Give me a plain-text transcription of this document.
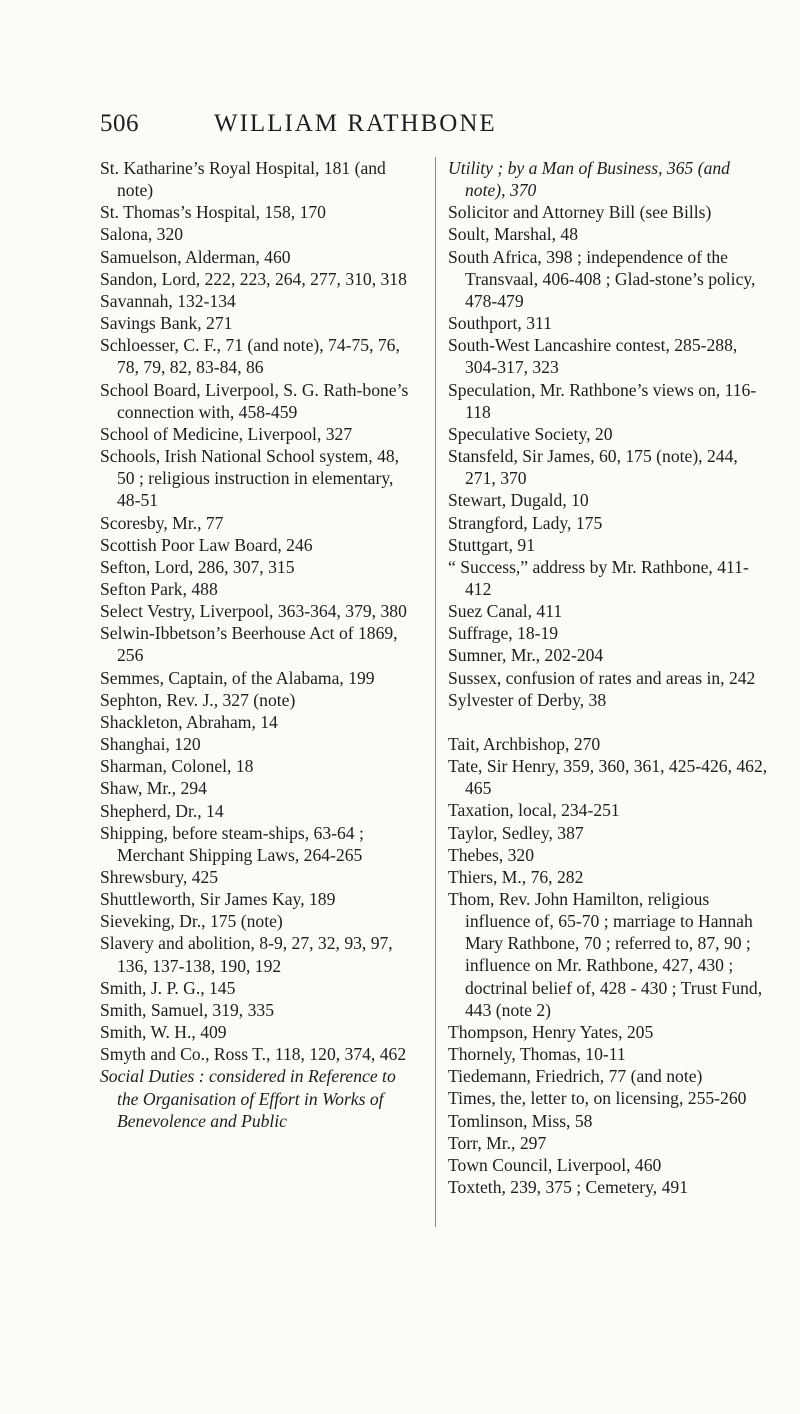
506	WILLIAM RATHBONE
St. Katharine’s Royal Hospital, 181 (and note)
St. Thomas’s Hospital, 158, 170
Salona, 320
Samuelson, Alderman, 460
Sandon, Lord, 222, 223, 264, 277, 310, 318
Savannah, 132-134
Savings Bank, 271
Schloesser, C. F., 71 (and note), 74-75, 76, 78, 79, 82, 83-84, 86
School Board, Liverpool, S. G. Rath-bone’s connection with, 458-459
School of Medicine, Liverpool, 327
Schools, Irish National School system, 48, 50 ; religious instruction in elementary, 48-51
Scoresby, Mr., 77
Scottish Poor Law Board, 246
Sefton, Lord, 286, 307, 315
Sefton Park, 488
Select Vestry, Liverpool, 363-364, 379, 380
Selwin-Ibbetson’s Beerhouse Act of 1869, 256
Semmes, Captain, of the Alabama, 199
Sephton, Rev. J., 327 (note)
Shackleton, Abraham, 14
Shanghai, 120
Sharman, Colonel, 18
Shaw, Mr., 294
Shepherd, Dr., 14
Shipping, before steam-ships, 63-64 ; Merchant Shipping Laws, 264-265
Shrewsbury, 425
Shuttleworth, Sir James Kay, 189
Sieveking, Dr., 175 (note)
Slavery and abolition, 8-9, 27, 32, 93, 97, 136, 137-138, 190, 192
Smith, J. P. G., 145
Smith, Samuel, 319, 335
Smith, W. H., 409
Smyth and Co., Ross T., 118, 120, 374, 462
Social Duties : considered in Reference to the Organisation of Effort in Works of Benevolence and Public
Utility ; by a Man of Business, 365 (and note), 370
Solicitor and Attorney Bill (see Bills)
Soult, Marshal, 48
South Africa, 398 ; independence of the Transvaal, 406-408 ; Glad-stone’s policy, 478-479
Southport, 311
South-West Lancashire contest, 285-288, 304-317, 323
Speculation, Mr. Rathbone’s views on, 116-118
Speculative Society, 20
Stansfeld, Sir James, 60, 175 (note), 244, 271, 370
Stewart, Dugald, 10
Strangford, Lady, 175
Stuttgart, 91
“ Success,” address by Mr. Rathbone, 411-412
Suez Canal, 411
Suffrage, 18-19
Sumner, Mr., 202-204
Sussex, confusion of rates and areas in, 242
Sylvester of Derby, 38
Tait, Archbishop, 270
Tate, Sir Henry, 359, 360, 361, 425-426, 462, 465
Taxation, local, 234-251
Taylor, Sedley, 387
Thebes, 320
Thiers, M., 76, 282
Thom, Rev. John Hamilton, religious influence of, 65-70 ; marriage to Hannah Mary Rathbone, 70 ; referred to, 87, 90 ; influence on Mr. Rathbone, 427, 430 ; doctrinal belief of, 428 - 430 ; Trust Fund, 443 (note 2)
Thompson, Henry Yates, 205
Thornely, Thomas, 10-11
Tiedemann, Friedrich, 77 (and note)
Times, the, letter to, on licensing, 255-260
Tomlinson, Miss, 58
Torr, Mr., 297
Town Council, Liverpool, 460
Toxteth, 239, 375 ; Cemetery, 491
